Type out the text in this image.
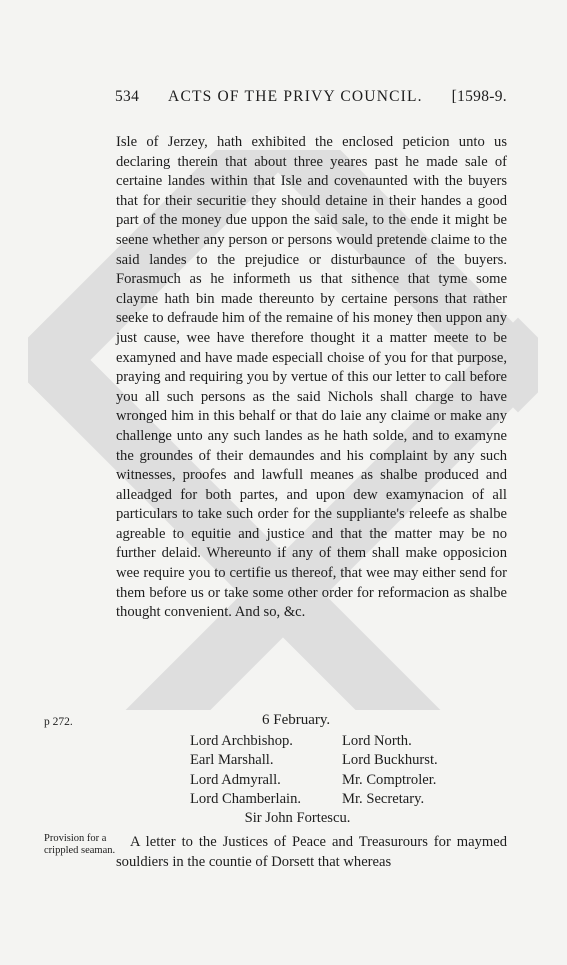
534 ACTS OF THE PRIVY COUNCIL. [1598-9.

Isle of Jerzey, hath exhibited the enclosed peticion unto us declaring therein that about three yeares past he made sale of certaine landes within that Isle and covenaunted with the buyers that for their securitie they should detaine in their handes a good part of the money due uppon the said sale, to the ende it might be seene whether any person or persons would pretende claime to the said landes to the prejudice or disturbaunce of the buyers. Forasmuch as he informeth us that sithence that tyme some clayme hath bin made thereunto by certaine persons that rather seeke to defraude him of the remaine of his money then uppon any just cause, wee have therefore thought it a matter meete to be examyned and have made especiall choise of you for that purpose, praying and requiring you by vertue of this our letter to call before you all such persons as the said Nichols shall charge to have wronged him in this behalf or that do laie any claime or make any challenge unto any such landes as he hath solde, and to examyne the groundes of their demaundes and his complaint by any such witnesses, proofes and lawfull meanes as shalbe produced and alleadged for both partes, and upon dew examynacion of all particulars to take such order for the suppliante's releefe as shalbe agreable to equitie and justice and that the matter may be no further delaid. Whereunto if any of them shall make opposicion wee require you to certifie us thereof, that wee may either send for them before us or take some other order for reformacion as shalbe thought convenient. And so, &c.

p 272.	6 February.
Lord Archbishop.	Lord North.
Earl Marshall.	Lord Buckhurst.
Lord Admyrall.	Mr. Comptroler.
Lord Chamberlain.	Mr. Secretary.
Sir John Fortescu.
Provision for a crippled seaman.	A letter to the Justices of Peace and Treasurours for maymed souldiers in the countie of Dorsett that whereas
